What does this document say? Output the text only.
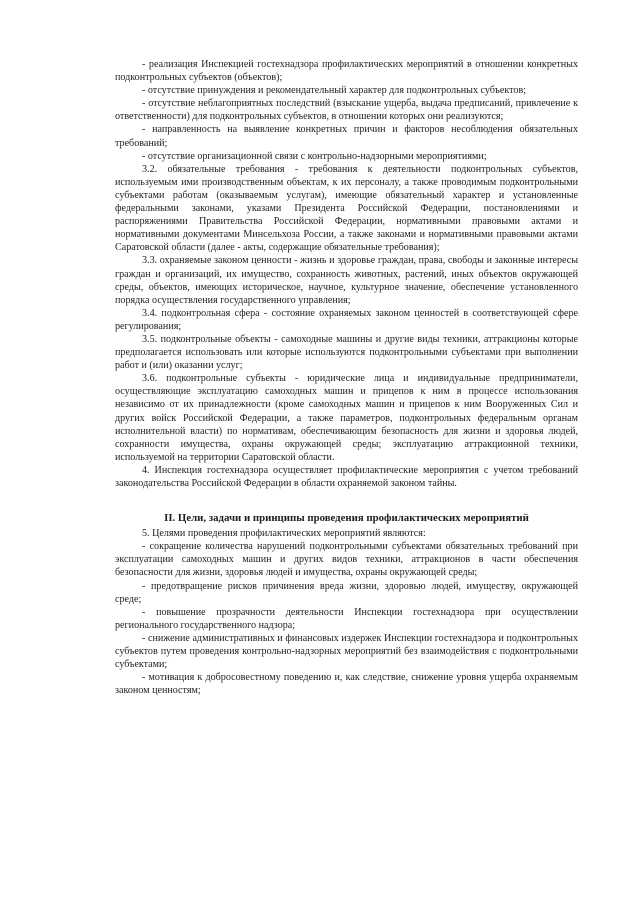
- реализация Инспекцией гостехнадзора профилактических мероприятий в отношении конкретных подконтрольных субъектов (объектов);

- отсутствие принуждения и рекомендательный характер для подконтрольных субъектов;

- отсутствие неблагоприятных последствий (взыскание ущерба, выдача предписаний, привлечение к ответственности) для подконтрольных субъектов, в отношении которых они реализуются;

- направленность на выявление конкретных причин и факторов несоблюдения обязательных требований;

- отсутствие организационной связи с контрольно-надзорными мероприятиями;

3.2. обязательные требования - требования к деятельности подконтрольных субъектов, используемым ими производственным объектам, к их персоналу, а также проводимым подконтрольными субъектами работам (оказываемым услугам), имеющие обязательный характер и установленные федеральными законами, указами Президента Российской Федерации, постановлениями и распоряжениями Правительства Российской Федерации, нормативными правовыми актами и нормативными документами Минсельхоза России, а также законами и нормативными правовыми актами Саратовской области (далее - акты, содержащие обязательные требования);

3.3. охраняемые законом ценности - жизнь и здоровье граждан, права, свободы и законные интересы граждан и организаций, их имущество, сохранность животных, растений, иных объектов окружающей среды, объектов, имеющих историческое, научное, культурное значение, обеспечение установленного порядка осуществления государственного управления;

3.4. подконтрольная сфера - состояние охраняемых законом ценностей в соответствующей сфере регулирования;

3.5. подконтрольные объекты - самоходные машины и другие виды техники, аттракционы которые предполагается использовать или которые используются подконтрольными субъектами при выполнении работ и (или) оказании услуг;

3.6. подконтрольные субъекты - юридические лица и индивидуальные предприниматели, осуществляющие эксплуатацию самоходных машин и прицепов к ним в процессе использования независимо от их принадлежности (кроме самоходных машин и прицепов к ним Вооруженных Сил и других войск Российской Федерации, а также параметров, подконтрольных федеральным органам исполнительной власти) по нормативам, обеспечивающим безопасность для жизни и здоровья людей, сохранности имущества, охраны окружающей среды; эксплуатацию аттракционной техники, используемой на территории Саратовской области.

4. Инспекция гостехнадзора осуществляет профилактические мероприятия с учетом требований законодательства Российской Федерации в области охраняемой законом тайны.

II. Цели, задачи и принципы проведения профилактических мероприятий

5. Целями проведения профилактических мероприятий являются:

- сокращение количества нарушений подконтрольными субъектами обязательных требований при эксплуатации самоходных машин и других видов техники, аттракционов в части обеспечения безопасности для жизни, здоровья людей и имущества, охраны окружающей среды;

- предотвращение рисков причинения вреда жизни, здоровью людей, имуществу, окружающей среде;

- повышение прозрачности деятельности Инспекции гостехнадзора при осуществлении регионального государственного надзора;

- снижение административных и финансовых издержек Инспекции гостехнадзора и подконтрольных субъектов путем проведения контрольно-надзорных мероприятий без взаимодействия с подконтрольными субъектами;

- мотивация к добросовестному поведению и, как следствие, снижение уровня ущерба охраняемым законом ценностям;
